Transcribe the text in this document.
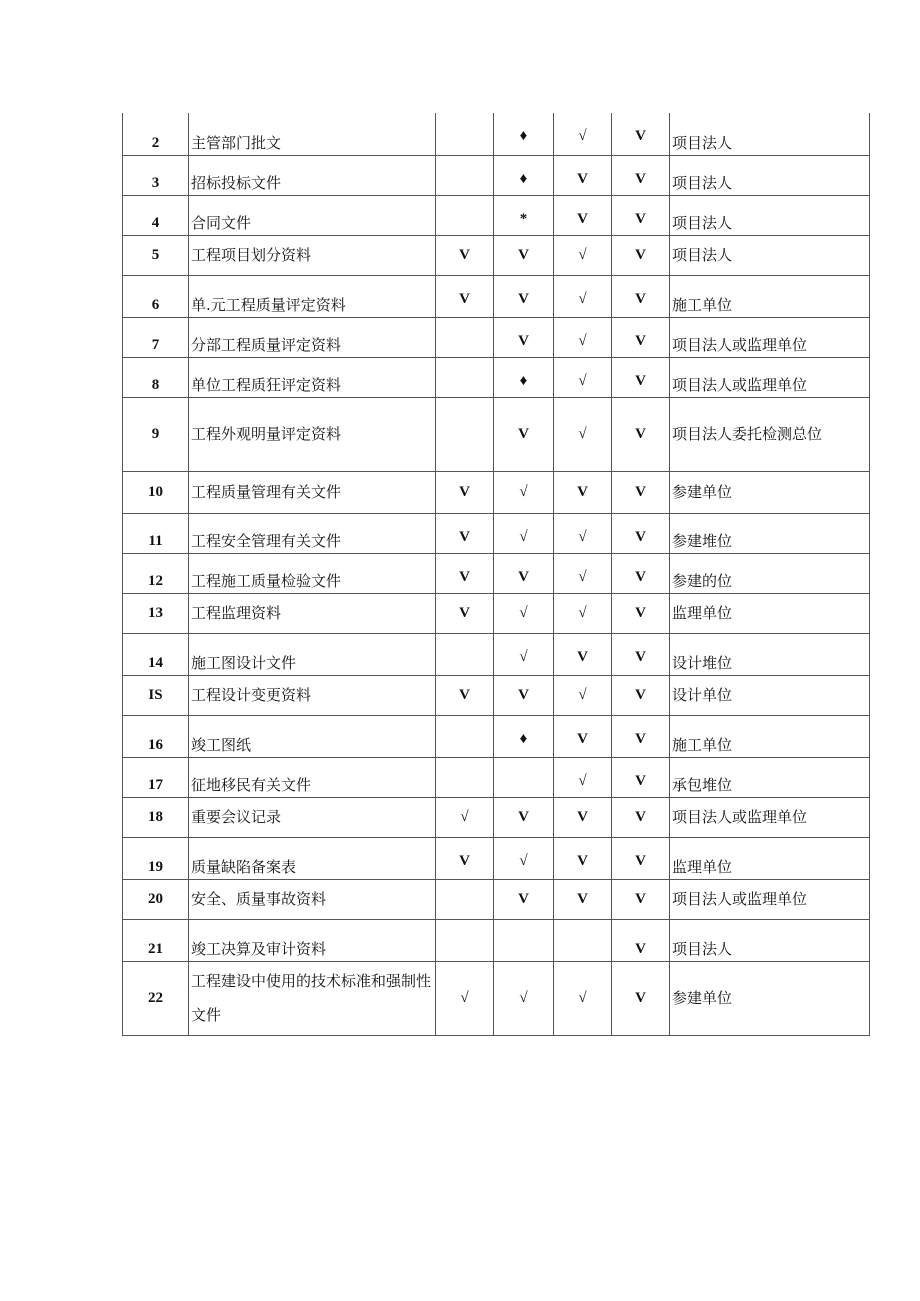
2	主管部门批文		♦	√	V	项目法人
3	招标投标文件		♦	V	V	项目法人
4	合同文件		*	V	V	项目法人
5	工程项目划分资料	V	V	√	V	项目法人
6	单.元工程质量评定资料	V	V	√	V	施工单位
7	分部工程质量评定资料		V	√	V	项目法人或监理单位
8	单位工程质狂评定资料		♦	√	V	项目法人或监理单位
9	工程外观明量评定资料		V	√	V	项目法人委托检测总位
10	工程质量管理有关文件	V	√	V	V	参建单位
11	工程安全管理有关文件	V	√	√	V	参建堆位
12	工程施工质量检验文件	V	V	√	V	参建的位
13	工程监理资料	V	√	√	V	监理单位
14	施工图设计文件		√	V	V	设计堆位
IS	工程设计变更资料	V	V	√	V	设计单位
16	竣工图纸		♦	V	V	施工单位
17	征地移民有关文件			√	V	承包堆位
18	重要会议记录	√	V	V	V	项目法人或监理单位
19	质量缺陷备案表	V	√	V	V	监理单位
20	安全、质量事故资料		V	V	V	项目法人或监理单位
21	竣工决算及审计资料				V	项目法人
22	工程建设中使用的技术标准和强制性文件	√	√	√	V	参建单位
